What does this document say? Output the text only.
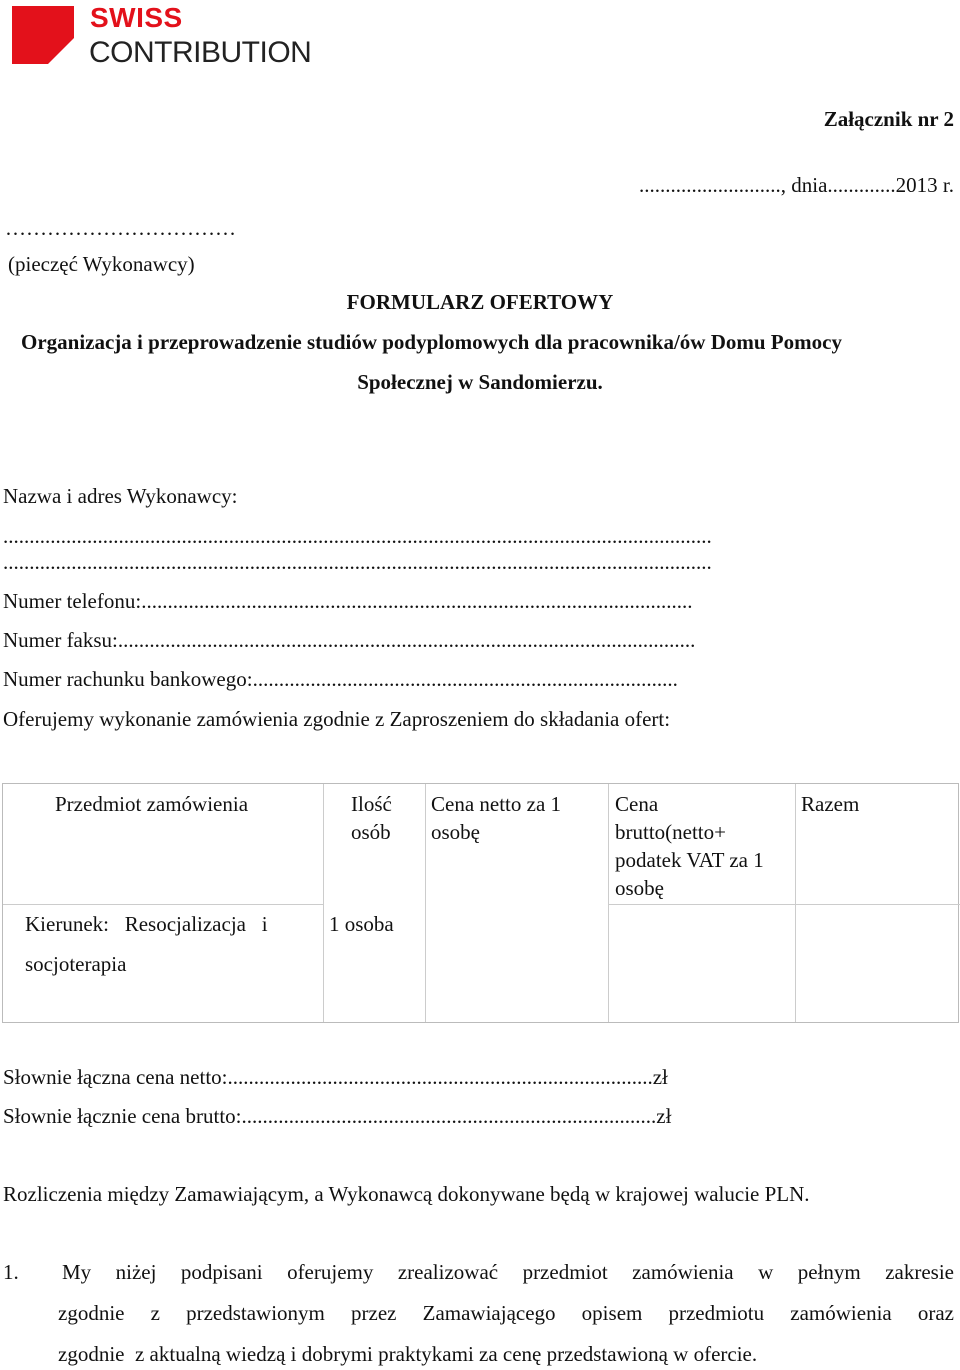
SWISS
CONTRIBUTION
Załącznik nr 2
..........................., dnia.............2013 r.
……………………………
(pieczęć Wykonawcy)
FORMULARZ OFERTOWY
Organizacja i przeprowadzenie studiów podyplomowych dla pracownika/ów Domu Pomocy
Społecznej w Sandomierzu.
Nazwa i adres Wykonawcy:
.......................................................................................................................................
.......................................................................................................................................
Numer telefonu:.........................................................................................................
Numer faksu:..............................................................................................................
Numer rachunku bankowego:.................................................................................
Oferujemy wykonanie zamówienia zgodnie z Zaproszeniem do składania ofert:
Przedmiot zamówienia	Ilość
osób
Cena netto za 1
osobę
Cena
brutto(netto+
podatek VAT za 1
osobę
Razem
Kierunek:   Resocjalizacja   i
socjoterapia
1 osoba
Słownie łączna cena netto:.................................................................................zł
Słownie łącznie cena brutto:...............................................................................zł
Rozliczenia między Zamawiającym, a Wykonawcą dokonywane będą w krajowej walucie PLN.
1. My niżej podpisani oferujemy zrealizować przedmiot zamówienia w pełnym zakresie
zgodnie z przedstawionym przez Zamawiającego opisem przedmiotu zamówienia oraz
zgodnie  z aktualną wiedzą i dobrymi praktykami za cenę przedstawioną w ofercie.
